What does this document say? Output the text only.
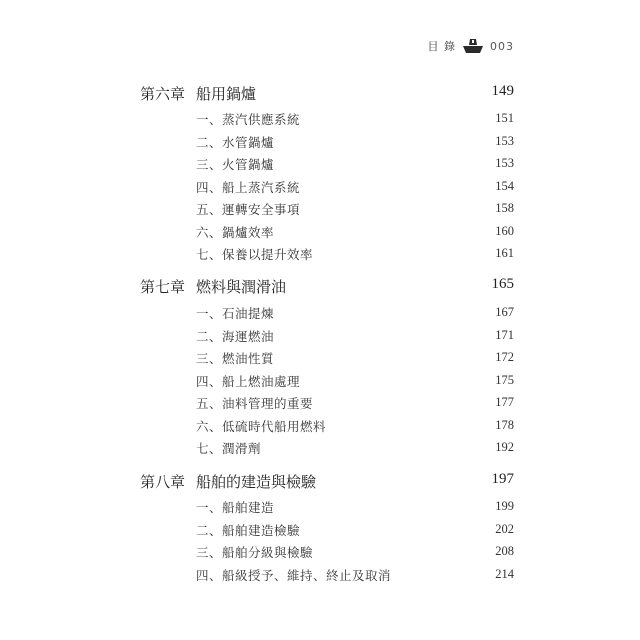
目 錄	003
第六章 船用鍋爐	149
一、蒸汽供應系統	151
二、水管鍋爐	153
三、火管鍋爐	153
四、船上蒸汽系統	154
五、運轉安全事項	158
六、鍋爐效率	160
七、保養以提升效率	161
第七章 燃料與潤滑油	165
一、石油提煉	167
二、海運燃油	171
三、燃油性質	172
四、船上燃油處理	175
五、油料管理的重要	177
六、低硫時代船用燃料	178
七、潤滑劑	192
第八章 船舶的建造與檢驗	197
一、船舶建造	199
二、船舶建造檢驗	202
三、船舶分級與檢驗	208
四、船級授予、維持、終止及取消	214
